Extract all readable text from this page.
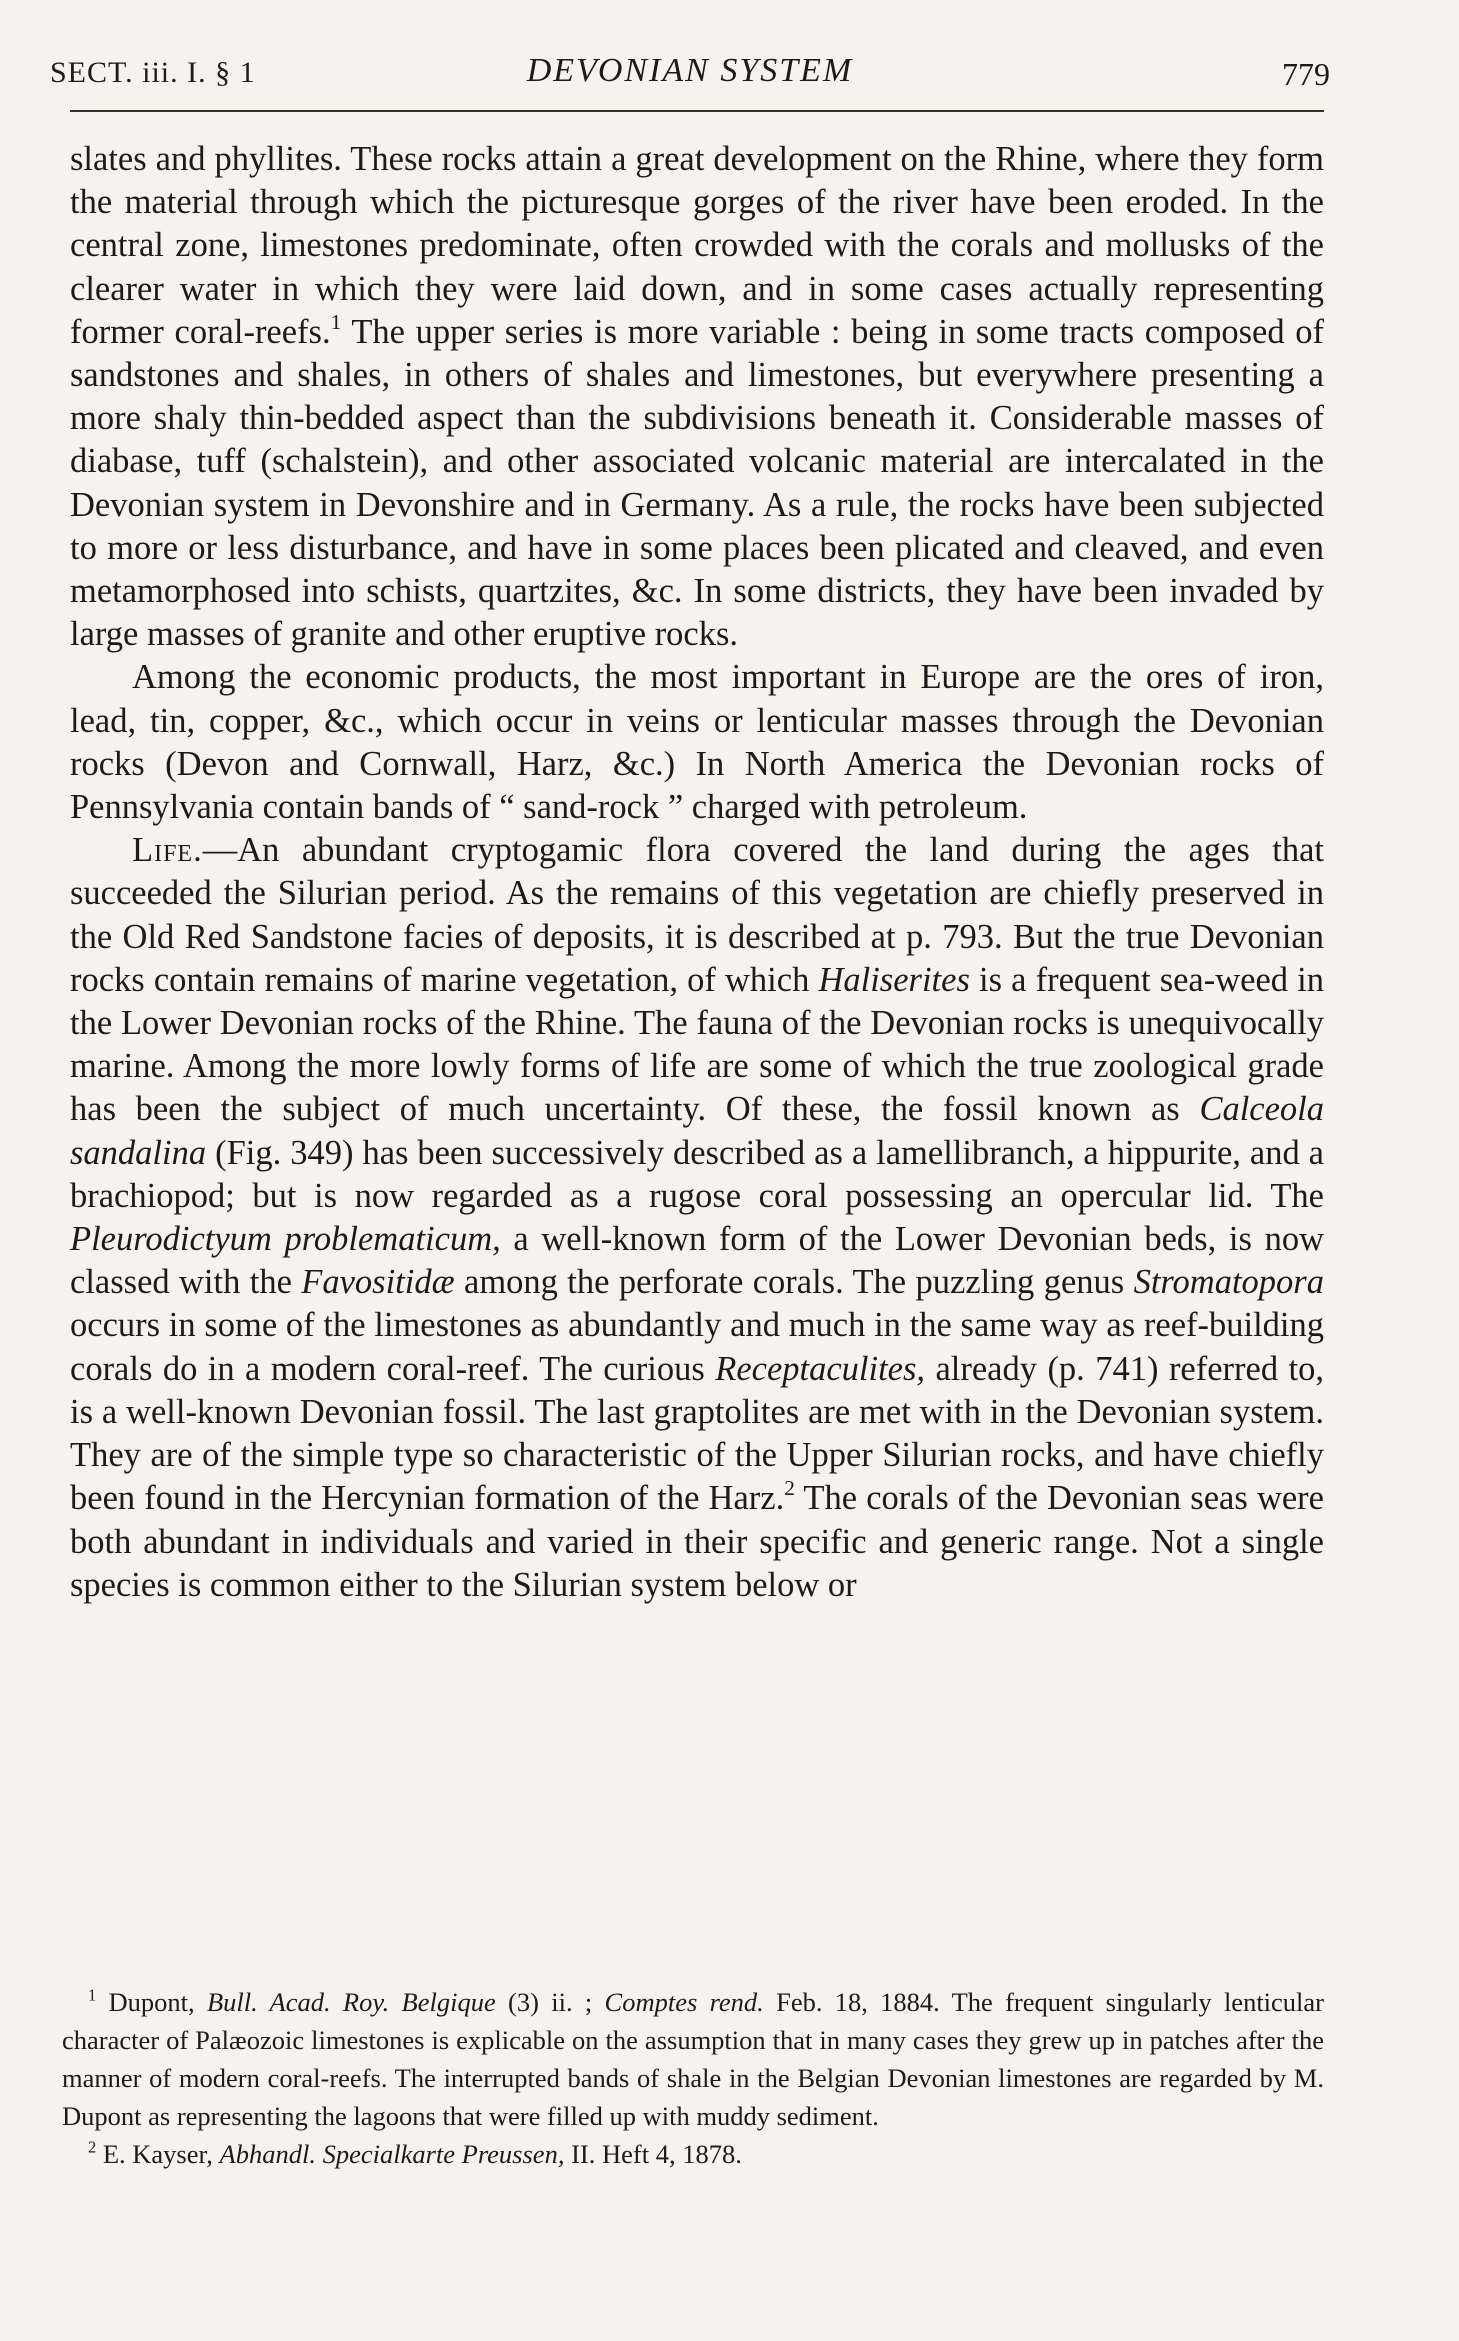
SECT. iii. I. § 1	DEVONIAN SYSTEM	779

slates and phyllites. These rocks attain a great development on the Rhine, where they form the material through which the picturesque gorges of the river have been eroded. In the central zone, limestones predominate, often crowded with the corals and mollusks of the clearer water in which they were laid down, and in some cases actually representing former coral-reefs.$^1$ The upper series is more variable : being in some tracts composed of sandstones and shales, in others of shales and limestones, but everywhere presenting a more shaly thin-bedded aspect than the subdivisions beneath it. Considerable masses of diabase, tuff (schalstein), and other associated volcanic material are intercalated in the Devonian system in Devonshire and in Germany. As a rule, the rocks have been subjected to more or less disturbance, and have in some places been plicated and cleaved, and even metamorphosed into schists, quartzites, &c. In some districts, they have been invaded by large masses of granite and other eruptive rocks.

Among the economic products, the most important in Europe are the ores of iron, lead, tin, copper, &c., which occur in veins or lenticular masses through the Devonian rocks (Devon and Cornwall, Harz, &c.) In North America the Devonian rocks of Pennsylvania contain bands of “ sand-rock ” charged with petroleum.

Life.—An abundant cryptogamic flora covered the land during the ages that succeeded the Silurian period. As the remains of this vegetation are chiefly preserved in the Old Red Sandstone facies of deposits, it is described at p. 793. But the true Devonian rocks contain remains of marine vegetation, of which Haliserites is a frequent sea-weed in the Lower Devonian rocks of the Rhine. The fauna of the Devonian rocks is unequivocally marine. Among the more lowly forms of life are some of which the true zoological grade has been the subject of much uncertainty. Of these, the fossil known as Calceola sandalina (Fig. 349) has been successively described as a lamellibranch, a hippurite, and a brachiopod; but is now regarded as a rugose coral possessing an opercular lid. The Pleurodictyum problematicum, a well-known form of the Lower Devonian beds, is now classed with the Favositidæ among the perforate corals. The puzzling genus Stromatopora occurs in some of the limestones as abundantly and much in the same way as reef-building corals do in a modern coral-reef. The curious Receptaculites, already (p. 741) referred to, is a well-known Devonian fossil. The last graptolites are met with in the Devonian system. They are of the simple type so characteristic of the Upper Silurian rocks, and have chiefly been found in the Hercynian formation of the Harz.$^2$ The corals of the Devonian seas were both abundant in individuals and varied in their specific and generic range. Not a single species is common either to the Silurian system below or

$^1$ Dupont, Bull. Acad. Roy. Belgique (3) ii. ; Comptes rend. Feb. 18, 1884. The frequent singularly lenticular character of Palæozoic limestones is explicable on the assumption that in many cases they grew up in patches after the manner of modern coral-reefs. The interrupted bands of shale in the Belgian Devonian limestones are regarded by M. Dupont as representing the lagoons that were filled up with muddy sediment.

$^2$ E. Kayser, Abhandl. Specialkarte Preussen, II. Heft 4, 1878.
